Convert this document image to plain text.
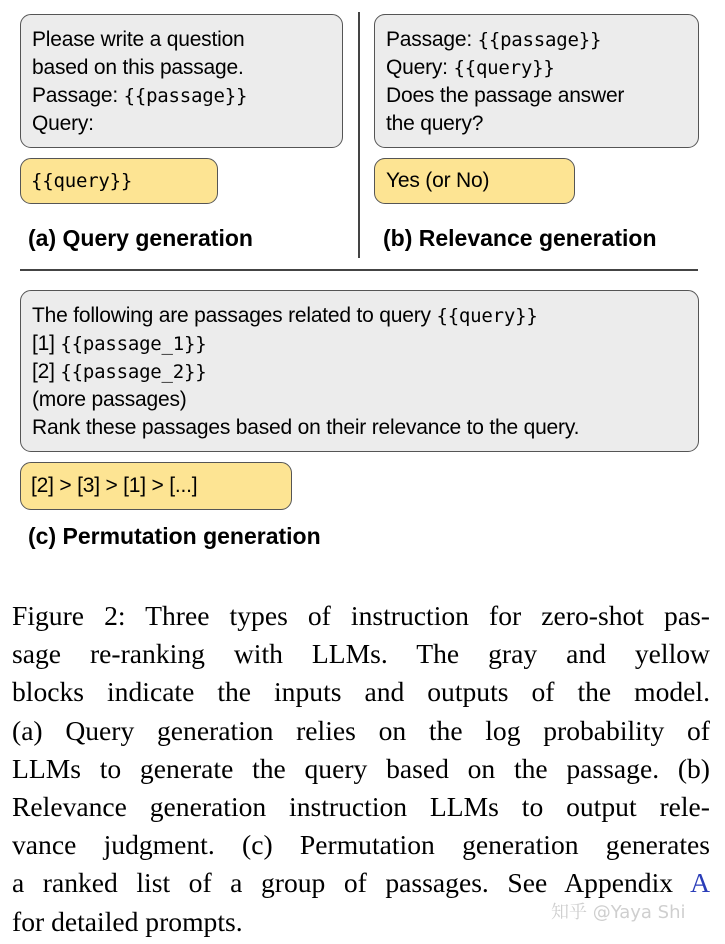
Please write a question
based on this passage.
Passage: {{passage}}
Query:
{{query}}
(a) Query generation
Passage: {{passage}}
Query: {{query}}
Does the passage answer
the query?
Yes (or No)
(b) Relevance generation
The following are passages related to query {{query}}
[1] {{passage_1}}
[2] {{passage_2}}
(more passages)
Rank these passages based on their relevance to the query.
[2] > [3] > [1] > [...]
(c) Permutation generation
Figure 2: Three types of instruction for zero-shot pas-
sage re-ranking with LLMs. The gray and yellow
blocks indicate the inputs and outputs of the model.
(a) Query generation relies on the log probability of
LLMs to generate the query based on the passage. (b)
Relevance generation instruction LLMs to output rele-
vance judgment. (c) Permutation generation generates
a ranked list of a group of passages. See Appendix A
for detailed prompts.	知乎 @Yaya Shi
